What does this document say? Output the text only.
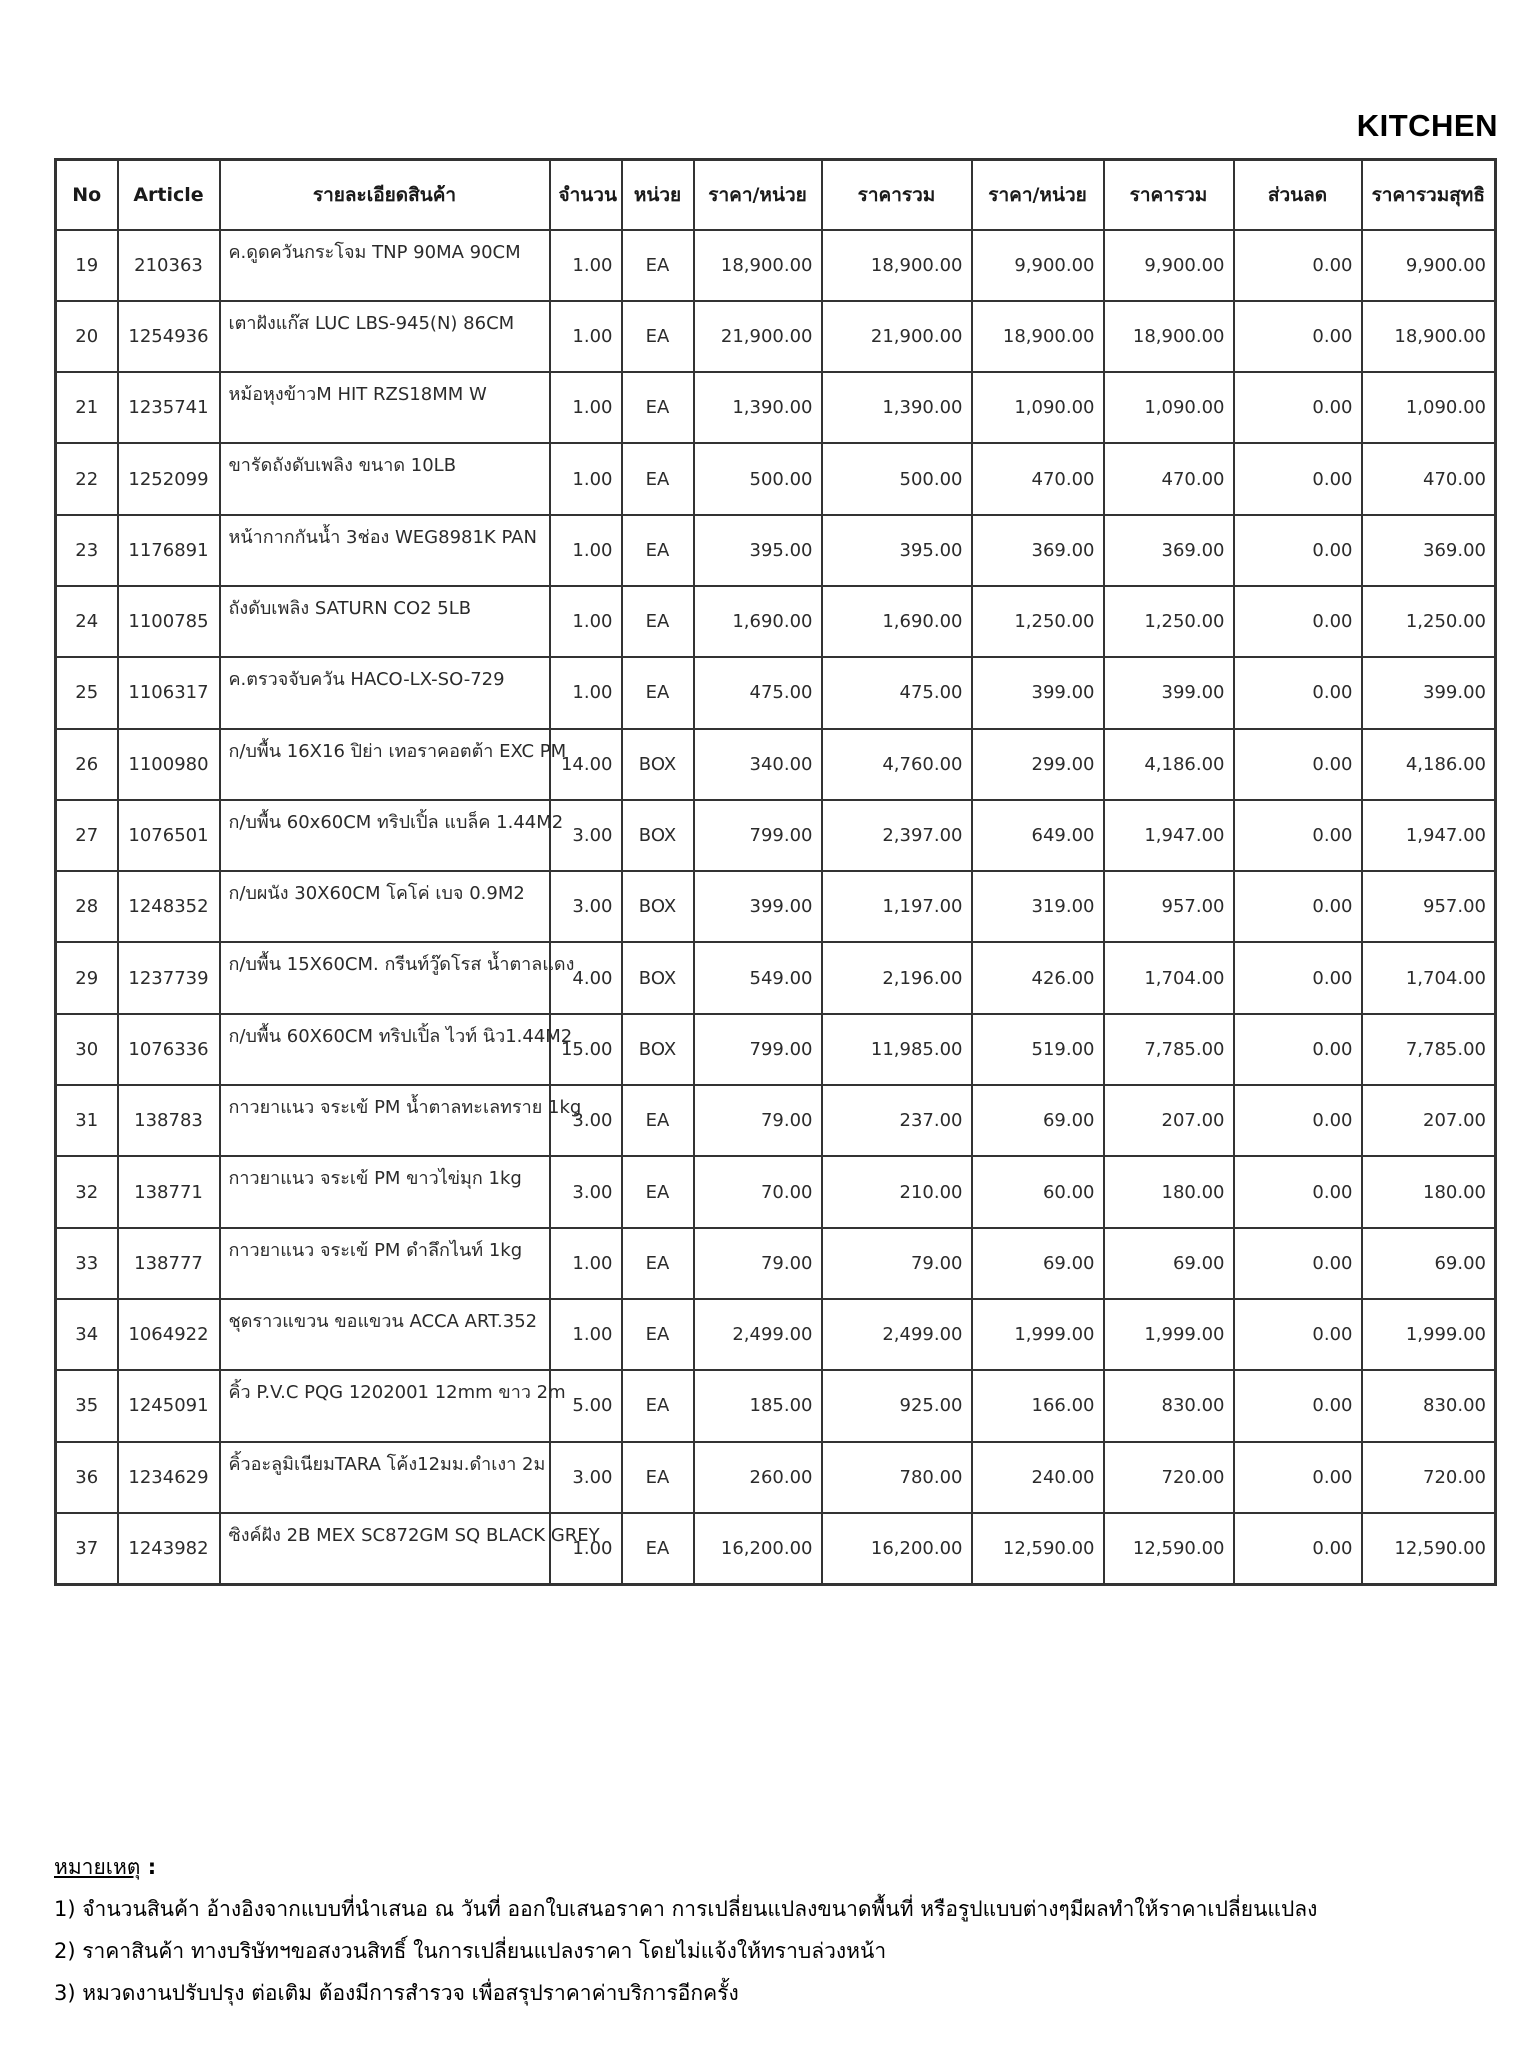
KITCHEN
No	Article	รายละเอียดสินค้า	จำนวน	หน่วย	ราคา/หน่วย	ราคารวม	ราคา/หน่วย	ราคารวม	ส่วนลด	ราคารวมสุทธิ
19	210363	ค.ดูดควันกระโจม TNP 90MA 90CM	1.00	EA	18,900.00	18,900.00	9,900.00	9,900.00	0.00	9,900.00
20	1254936	เตาฝังแก๊ส LUC LBS-945(N) 86CM	1.00	EA	21,900.00	21,900.00	18,900.00	18,900.00	0.00	18,900.00
21	1235741	หม้อหุงข้าวM HIT RZS18MM W	1.00	EA	1,390.00	1,390.00	1,090.00	1,090.00	0.00	1,090.00
22	1252099	ขารัดถังดับเพลิง ขนาด 10LB	1.00	EA	500.00	500.00	470.00	470.00	0.00	470.00
23	1176891	หน้ากากกันน้ำ 3ช่อง WEG8981K PAN	1.00	EA	395.00	395.00	369.00	369.00	0.00	369.00
24	1100785	ถังดับเพลิง SATURN CO2 5LB	1.00	EA	1,690.00	1,690.00	1,250.00	1,250.00	0.00	1,250.00
25	1106317	ค.ตรวจจับควัน HACO-LX-SO-729	1.00	EA	475.00	475.00	399.00	399.00	0.00	399.00
26	1100980	ก/บพื้น 16X16 ปิย่า เทอราคอตต้า EXC PM	14.00	BOX	340.00	4,760.00	299.00	4,186.00	0.00	4,186.00
27	1076501	ก/บพื้น 60x60CM ทริปเปิ้ล แบล็ค 1.44M2	3.00	BOX	799.00	2,397.00	649.00	1,947.00	0.00	1,947.00
28	1248352	ก/บผนัง 30X60CM โคโค่ เบจ 0.9M2	3.00	BOX	399.00	1,197.00	319.00	957.00	0.00	957.00
29	1237739	ก/บพื้น 15X60CM. กรีนท์วู๊ดโรส น้ำตาลแดง	4.00	BOX	549.00	2,196.00	426.00	1,704.00	0.00	1,704.00
30	1076336	ก/บพื้น 60X60CM ทริปเปิ้ล ไวท์ นิว1.44M2	15.00	BOX	799.00	11,985.00	519.00	7,785.00	0.00	7,785.00
31	138783	กาวยาแนว จระเข้ PM น้ำตาลทะเลทราย 1kg	3.00	EA	79.00	237.00	69.00	207.00	0.00	207.00
32	138771	กาวยาแนว จระเข้ PM ขาวไข่มุก 1kg	3.00	EA	70.00	210.00	60.00	180.00	0.00	180.00
33	138777	กาวยาแนว จระเข้ PM ดำลึกไนท์ 1kg	1.00	EA	79.00	79.00	69.00	69.00	0.00	69.00
34	1064922	ชุดราวแขวน ขอแขวน ACCA ART.352	1.00	EA	2,499.00	2,499.00	1,999.00	1,999.00	0.00	1,999.00
35	1245091	คิ้ว P.V.C PQG 1202001 12mm ขาว 2m	5.00	EA	185.00	925.00	166.00	830.00	0.00	830.00
36	1234629	คิ้วอะลูมิเนียมTARA โค้ง12มม.ดำเงา 2ม	3.00	EA	260.00	780.00	240.00	720.00	0.00	720.00
37	1243982	ซิงค์ฝัง 2B MEX SC872GM SQ BLACK GREY	1.00	EA	16,200.00	16,200.00	12,590.00	12,590.00	0.00	12,590.00
หมายเหตุ :
1) จำนวนสินค้า อ้างอิงจากแบบที่นำเสนอ ณ วันที่ ออกใบเสนอราคา การเปลี่ยนแปลงขนาดพื้นที่ หรือรูปแบบต่างๆมีผลทำให้ราคาเปลี่ยนแปลง
2) ราคาสินค้า ทางบริษัทฯขอสงวนสิทธิ์ ในการเปลี่ยนแปลงราคา โดยไม่แจ้งให้ทราบล่วงหน้า
3) หมวดงานปรับปรุง ต่อเติม ต้องมีการสำรวจ เพื่อสรุปราคาค่าบริการอีกครั้ง
